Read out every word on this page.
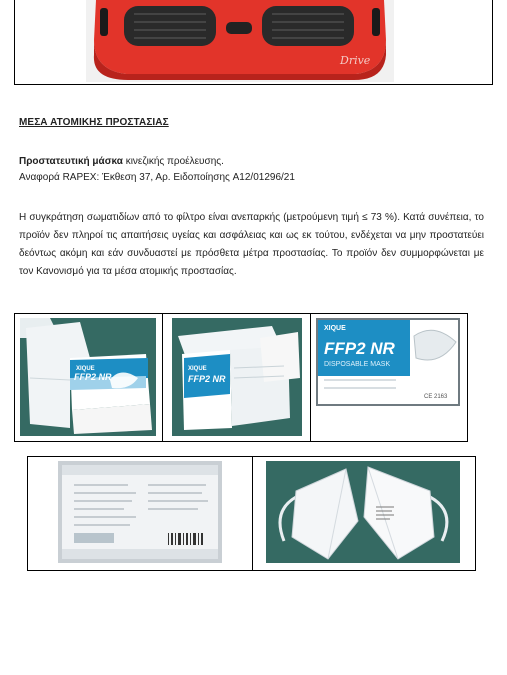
Drive
ΜΕΣΑ ΑΤΟΜΙΚΗΣ ΠΡΟΣΤΑΣΙΑΣ
Προστατευτική μάσκα κινεζικής προέλευσης.
Αναφορά RAPEX: Έκθεση 37, Αρ. Ειδοποίησης A12/01296/21
Η συγκράτηση σωματιδίων από το φίλτρο είναι ανεπαρκής (μετρούμενη τιμή ≤ 73 %). Κατά συνέπεια, το προϊόν δεν πληροί τις απαιτήσεις υγείας και ασφάλειας και ως εκ τούτου, ενδέχεται να μην προστατεύει δεόντως ακόμη και εάν συνδυαστεί με πρόσθετα μέτρα προστασίας. Το προϊόν δεν συμμορφώνεται με τον Κανονισμό για τα μέσα ατομικής προστασίας.
XIQUE
FFP2 NR
XIQUE
FFP2 NR
XIQUE
FFP2 NR
DISPOSABLE MASK
CE 2163
